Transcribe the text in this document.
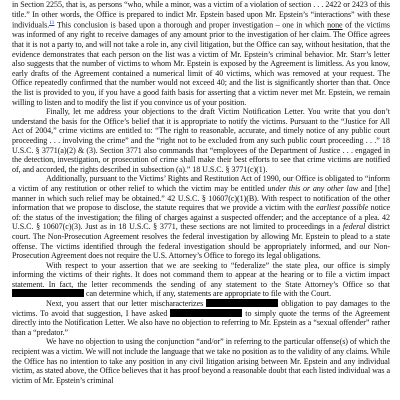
in Section 2255, that is, as persons “who, while a minor, was a victim of a violation of section . . . 2422 or 2423 of this title.” In other words, the Office is prepared to indict Mr. Epstein based upon Mr. Epstein’s “interactions” with these individuals.$^{11}$ This conclusion is based upon a thorough and proper investigation – one in which none of the victims was informed of any right to receive damages of any amount prior to the investigation of her claim. The Office agrees that it is not a party to, and will not take a role in, any civil litigation, but the Office can say, without hesitation, that the evidence demonstrates that each person on the list was a victim of Mr. Epstein’s criminal behavior. Mr. Starr’s letter also suggests that the number of victims to whom Mr. Epstein is exposed by the Agreement is limitless. As you know, early drafts of the Agreement contained a numerical limit of 40 victims, which was removed at your request. The Office repeatedly confirmed that the number would not exceed 40; and the list is significantly shorter than that. Once the list is provided to you, if you have a good faith basis for asserting that a victim never met Mr. Epstein, we remain willing to listen and to modify the list if you convince us of your position.

Finally, let me address your objections to the draft Victim Notification Letter. You write that you don’t understand the basis for the Office’s belief that it is appropriate to notify the victims. Pursuant to the “Justice for All Act of 2004,” crime victims are entitled to: “The right to reasonable, accurate, and timely notice of any public court proceeding . . . involving the crime” and the “right not to be excluded from any such public court proceeding . . .” 18 U.S.C. § 3771(a)(2) & (3). Section 3771 also commands that “employees of the Department of Justice . . . engaged in the detection, investigation, or prosecution of crime shall make their best efforts to see that crime victims are notified of, and accorded, the rights described in subsection (a).” 18 U.S.C. § 3771(c)(1).

Additionally, pursuant to the Victims’ Rights and Restitution Act of 1990, our Office is obligated to “inform a victim of any restitution or other relief to which the victim may be entitled under this or any other law and [the] manner in which such relief may be obtained.” 42 U.S.C. § 10607(c)(1)(B). With respect to notification of the other information that we propose to disclose, the statute requires that we provide a victim with the earliest possible notice of: the status of the investigation; the filing of charges against a suspected offender; and the acceptance of a plea. 42 U.S.C. § 10607(c)(3). Just as in 18 U.S.C. § 3771, these sections are not limited to proceedings in a federal district court. The Non-Prosecution Agreement resolves the federal investigation by allowing Mr. Epstein to plead to a state offense. The victims identified through the federal investigation should be appropriately informed, and our Non-Prosecution Agreement does not require the U.S. Attorney’s Office to forego its legal obligations.

With respect to your assertion that we are seeking to “federalize” the state plea, our office is simply informing the victims of their rights. It does not command them to appear at the hearing or to file a victim impact statement. In fact, the letter recommends the sending of any statement to the State Attorney’s Office so that  can determine which, if any, statements are appropriate to file with the Court.

Next, you assert that our letter mischaracterizes	obligation to pay damages to the victims. To avoid that suggestion, I have asked	to simply quote the terms of the Agreement directly into the Notification Letter. We also have no objection to referring to Mr. Epstein as a “sexual offender” rather than a “predator.”

We have no objection to using the conjunction “and/or” in referring to the particular offense(s) of which the recipient was a victim. We will not include the language that we take no position as to the validity of any claims. While the Office has no intention to take any position in any civil litigation arising between Mr. Epstein and any individual victim, as stated above, the Office believes that it has proof beyond a reasonable doubt that each listed individual was a victim of Mr. Epstein’s criminal
